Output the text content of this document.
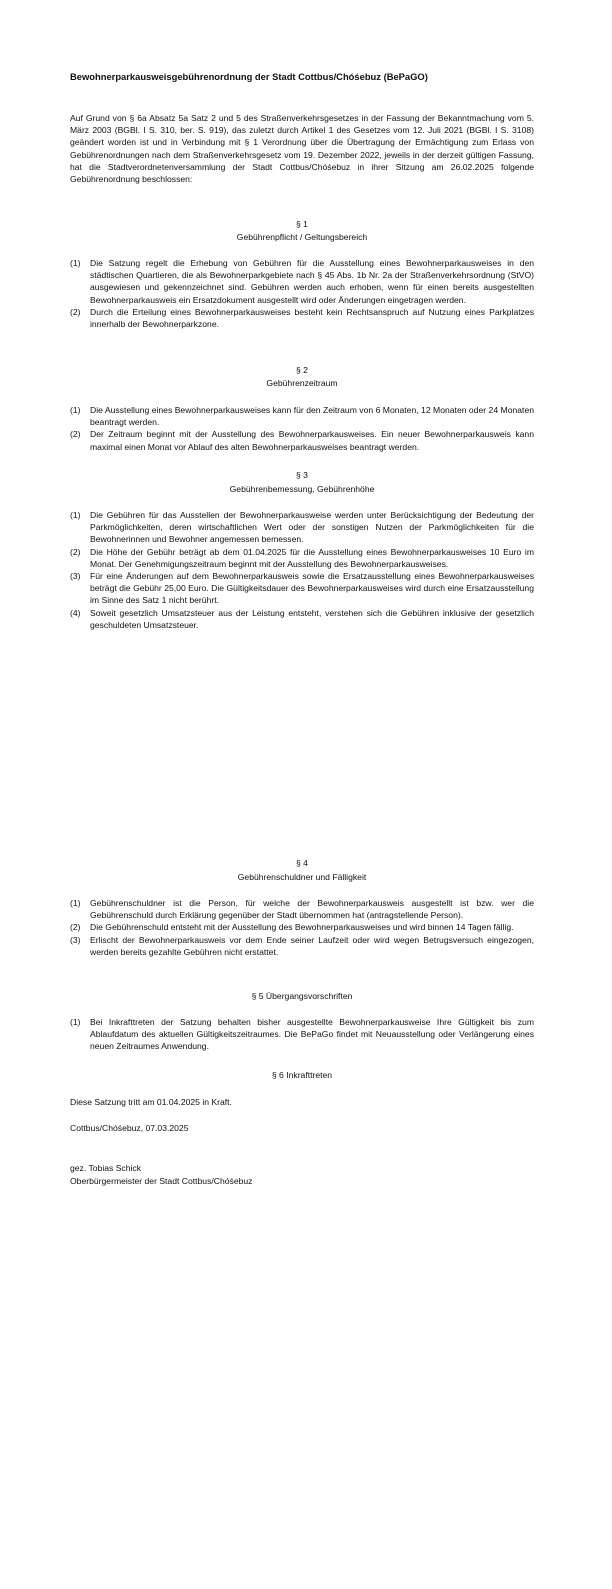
Bewohnerparkausweisgebührenordnung der Stadt Cottbus/Chóśebuz (BePaGO)

Auf Grund von § 6a Absatz 5a Satz 2 und 5 des Straßenverkehrsgesetzes in der Fassung der Bekanntmachung vom 5. März 2003 (BGBl. I S. 310, ber. S. 919), das zuletzt durch Artikel 1 des Gesetzes vom 12. Juli 2021 (BGBl. I S. 3108) geändert worden ist und in Verbindung mit § 1 Verordnung über die Übertragung der Ermächtigung zum Erlass von Gebührenordnungen nach dem Straßenverkehrsgesetz vom 19. Dezember 2022, jeweils in der derzeit gültigen Fassung, hat die Stadtverordnetenversammlung der Stadt Cottbus/Chóśebuz in ihrer Sitzung am 26.02.2025 folgende Gebührenordnung beschlossen:

§ 1
Gebührenpflicht / Geltungsbereich
(1) Die Satzung regelt die Erhebung von Gebühren für die Ausstellung eines Bewohnerparkausweises in den städtischen Quartieren, die als Bewohnerparkgebiete nach § 45 Abs. 1b Nr. 2a der Straßenverkehrsordnung (StVO) ausgewiesen und gekennzeichnet sind. Gebühren werden auch erhoben, wenn für einen bereits ausgestellten Bewohnerparkausweis ein Ersatzdokument ausgestellt wird oder Änderungen eingetragen werden.
(2) Durch die Erteilung eines Bewohnerparkausweises besteht kein Rechtsanspruch auf Nutzung eines Parkplatzes innerhalb der Bewohnerparkzone.
§ 2
Gebührenzeitraum
(1) Die Ausstellung eines Bewohnerparkausweises kann für den Zeitraum von 6 Monaten, 12 Monaten oder 24 Monaten beantragt werden.
(2) Der Zeitraum beginnt mit der Ausstellung des Bewohnerparkausweises. Ein neuer Bewohnerparkausweis kann maximal einen Monat vor Ablauf des alten Bewohnerparkausweises beantragt werden.
§ 3
Gebührenbemessung, Gebührenhöhe
(1) Die Gebühren für das Ausstellen der Bewohnerparkausweise werden unter Berücksichtigung der Bedeutung der Parkmöglichkeiten, deren wirtschaftlichen Wert oder der sonstigen Nutzen der Parkmöglichkeiten für die Bewohnerinnen und Bewohner angemessen bemessen.
(2) Die Höhe der Gebühr beträgt ab dem 01.04.2025 für die Ausstellung eines Bewohnerparkausweises 10 Euro im Monat. Der Genehmigungszeitraum beginnt mit der Ausstellung des Bewohnerparkausweises.
(3) Für eine Änderungen auf dem Bewohnerparkausweis sowie die Ersatzausstellung eines Bewohnerparkausweises beträgt die Gebühr 25,00 Euro. Die Gültigkeitsdauer des Bewohnerparkausweises wird durch eine Ersatzausstellung im Sinne des Satz 1 nicht berührt.
(4) Soweit gesetzlich Umsatzsteuer aus der Leistung entsteht, verstehen sich die Gebühren inklusive der gesetzlich geschuldeten Umsatzsteuer.
§ 4
Gebührenschuldner und Fälligkeit
(1) Gebührenschuldner ist die Person, für welche der Bewohnerparkausweis ausgestellt ist bzw. wer die Gebührenschuld durch Erklärung gegenüber der Stadt übernommen hat (antragstellende Person).
(2) Die Gebührenschuld entsteht mit der Ausstellung des Bewohnerparkausweises und wird binnen 14 Tagen fällig.
(3) Erlischt der Bewohnerparkausweis vor dem Ende seiner Laufzeit oder wird wegen Betrugsversuch eingezogen, werden bereits gezahlte Gebühren nicht erstattet.
§ 5 Übergangsvorschriften
(1) Bei Inkrafttreten der Satzung behalten bisher ausgestellte Bewohnerparkausweise Ihre Gültigkeit bis zum Ablaufdatum des aktuellen Gültigkeitszeitraumes. Die BePaGo findet mit Neuausstellung oder Verlängerung eines neuen Zeitraumes Anwendung.
§ 6 Inkrafttreten

Diese Satzung tritt am 01.04.2025 in Kraft.

Cottbus/Chóśebuz, 07.03.2025

gez. Tobias Schick

Oberbürgermeister der Stadt Cottbus/Chóśebuz
